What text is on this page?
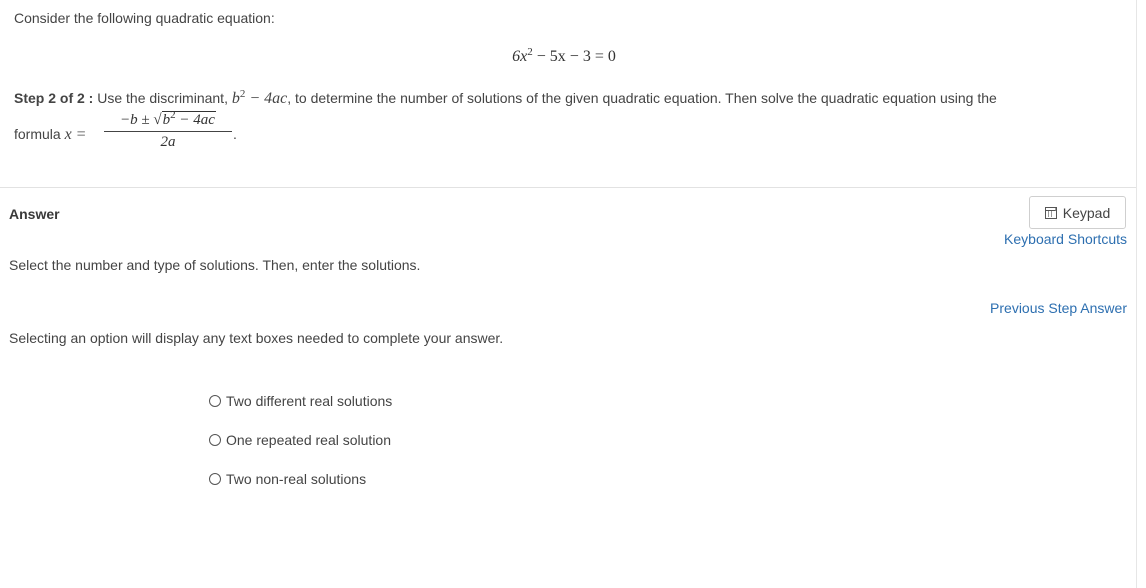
Consider the following quadratic equation:
$6x^2 - 5x - 3 = 0$
Step 2 of 2 : Use the discriminant, $b^2 - 4ac$, to determine the number of solutions of the given quadratic equation. Then solve the quadratic equation using the
formula $x = \frac{-b \pm √b^2 - 4ac}{2a}$ .
Answer	Keypad
Keyboard Shortcuts
Select the number and type of solutions. Then, enter the solutions.
Previous Step Answer
Selecting an option will display any text boxes needed to complete your answer.
Two different real solutions
One repeated real solution
Two non-real solutions
